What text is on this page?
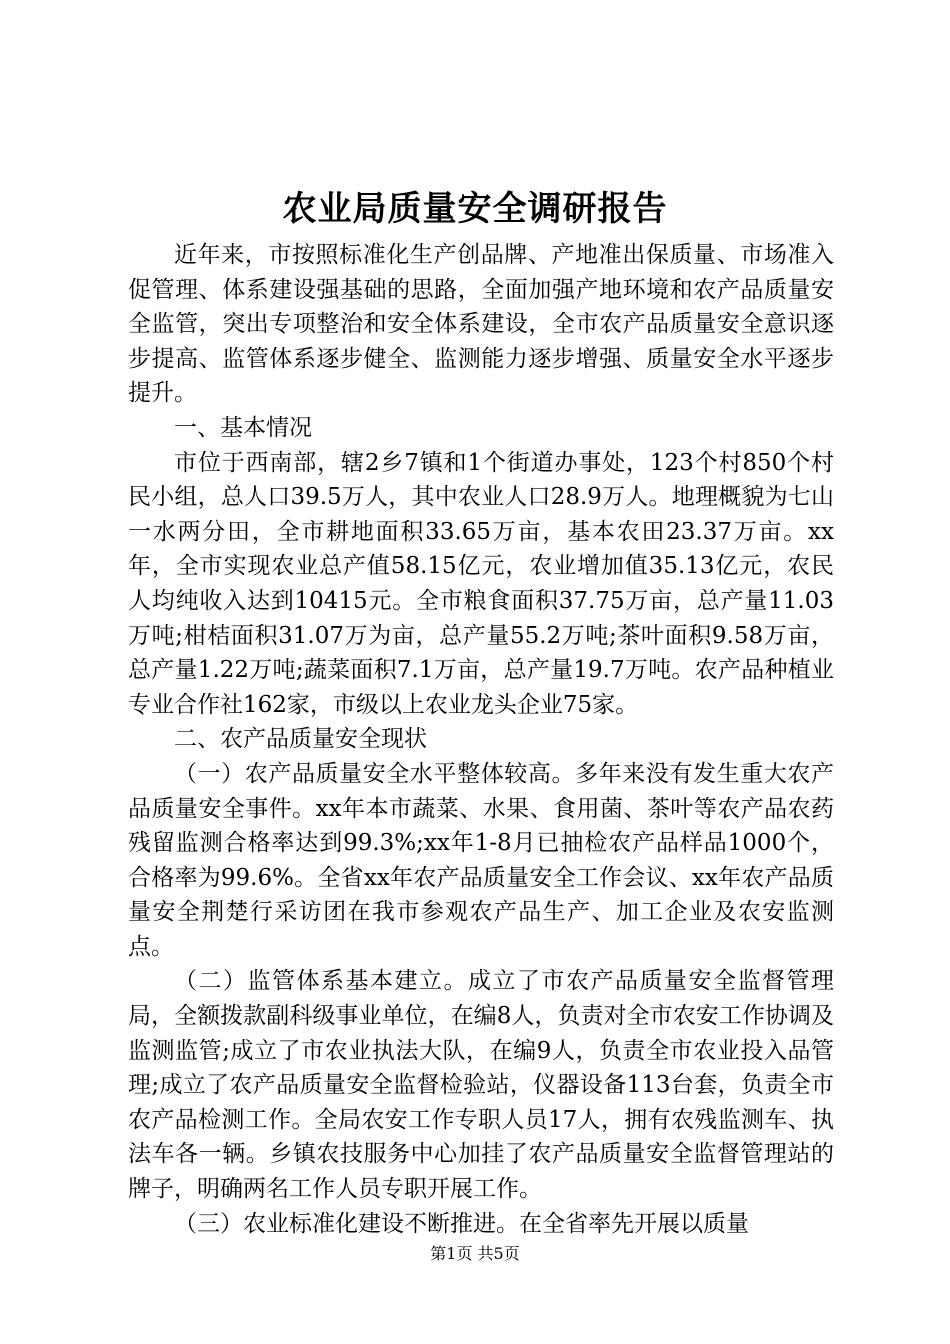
农业局质量安全调研报告

近年来，市按照标准化生产创品牌、产地准出保质量、市场准入促管理、体系建设强基础的思路，全面加强产地环境和农产品质量安全监管，突出专项整治和安全体系建设，全市农产品质量安全意识逐步提高、监管体系逐步健全、监测能力逐步增强、质量安全水平逐步提升。

一、基本情况

市位于西南部，辖2乡7镇和1个街道办事处，123个村850个村民小组，总人口39.5万人，其中农业人口28.9万人。地理概貌为七山一水两分田，全市耕地面积33.65万亩，基本农田23.37万亩。xx年，全市实现农业总产值58.15亿元，农业增加值35.13亿元，农民人均纯收入达到10415元。全市粮食面积37.75万亩，总产量11.03万吨;柑桔面积31.07万为亩，总产量55.2万吨;茶叶面积9.58万亩，总产量1.22万吨;蔬菜面积7.1万亩，总产量19.7万吨。农产品种植业专业合作社162家，市级以上农业龙头企业75家。

二、农产品质量安全现状

（一）农产品质量安全水平整体较高。多年来没有发生重大农产品质量安全事件。xx年本市蔬菜、水果、食用菌、茶叶等农产品农药残留监测合格率达到99.3%;xx年1-8月已抽检农产品样品1000个，合格率为99.6%。全省xx年农产品质量安全工作会议、xx年农产品质量安全荆楚行采访团在我市参观农产品生产、加工企业及农安监测点。

（二）监管体系基本建立。成立了市农产品质量安全监督管理局，全额拨款副科级事业单位，在编8人，负责对全市农安工作协调及监测监管;成立了市农业执法大队，在编9人，负责全市农业投入品管理;成立了农产品质量安全监督检验站，仪器设备113台套，负责全市农产品检测工作。全局农安工作专职人员17人，拥有农残监测车、执法车各一辆。乡镇农技服务中心加挂了农产品质量安全监督管理站的牌子，明确两名工作人员专职开展工作。

（三）农业标准化建设不断推进。在全省率先开展以质量

第1页 共5页
